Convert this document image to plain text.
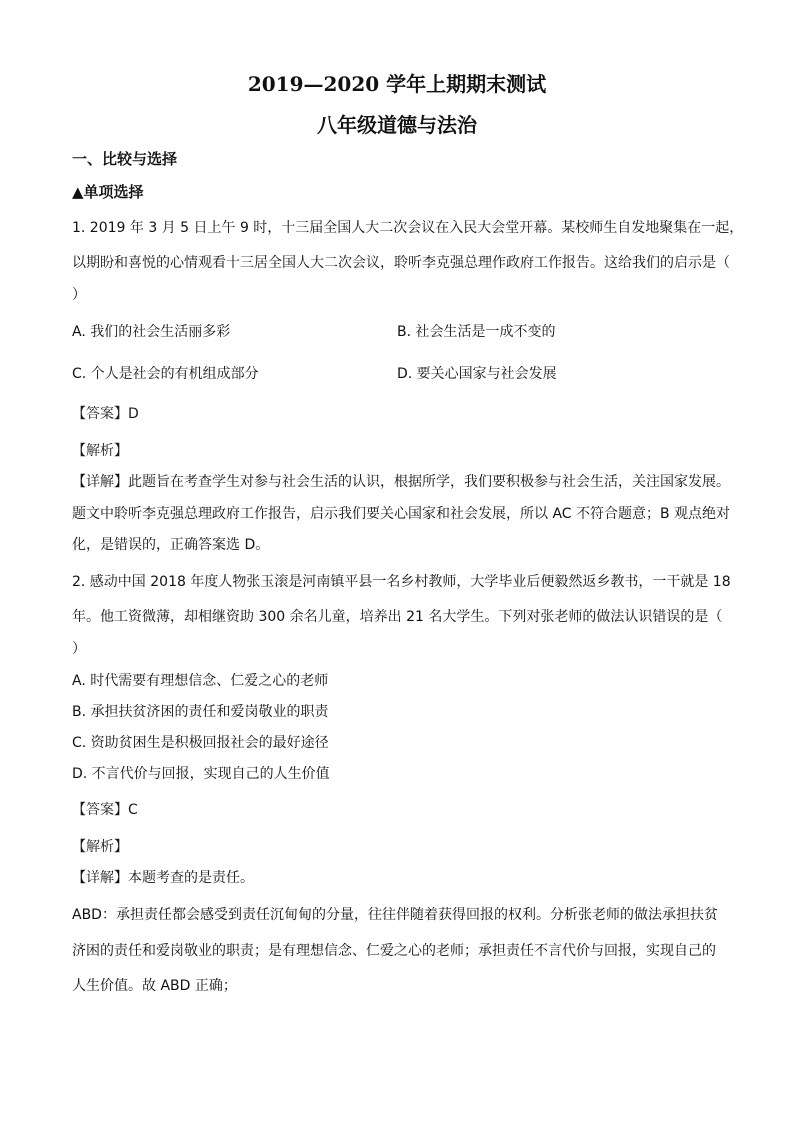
2019—2020 学年上期期末测试
八年级道德与法治
一、比较与选择
▲单项选择
1. 2019 年 3 月 5 日上午 9 时，十三届全国人大二次会议在入民大会堂开幕。某校师生自发地聚集在一起，
以期盼和喜悦的心情观看十三居全国人大二次会议，聆听李克强总理作政府工作报告。这给我们的启示是（
）
A. 我们的社会生活丽多彩	B. 社会生活是一成不变的
C. 个人是社会的有机组成部分	D. 要关心国家与社会发展
【答案】D
【解析】
【详解】此题旨在考查学生对参与社会生活的认识，根据所学，我们要积极参与社会生活，关注国家发展。
题文中聆听李克强总理政府工作报告，启示我们要关心国家和社会发展，所以 AC 不符合题意；B 观点绝对
化，是错误的，正确答案选 D。
2. 感动中国 2018 年度人物张玉滚是河南镇平县一名乡村教师，大学毕业后便毅然返乡教书，一干就是 18
年。他工资微薄，却相继资助 300 余名儿童，培养出 21 名大学生。下列对张老师的做法认识错误的是（
）
A. 时代需要有理想信念、仁爱之心的老师
B. 承担扶贫济困的责任和爱岗敬业的职责
C. 资助贫困生是积极回报社会的最好途径
D. 不言代价与回报，实现自己的人生价值
【答案】C
【解析】
【详解】本题考查的是责任。
ABD：承担责任都会感受到责任沉甸甸的分量，往往伴随着获得回报的权利。分析张老师的做法承担扶贫
济困的责任和爱岗敬业的职责；是有理想信念、仁爱之心的老师；承担责任不言代价与回报，实现自己的
人生价值。故 ABD 正确；
